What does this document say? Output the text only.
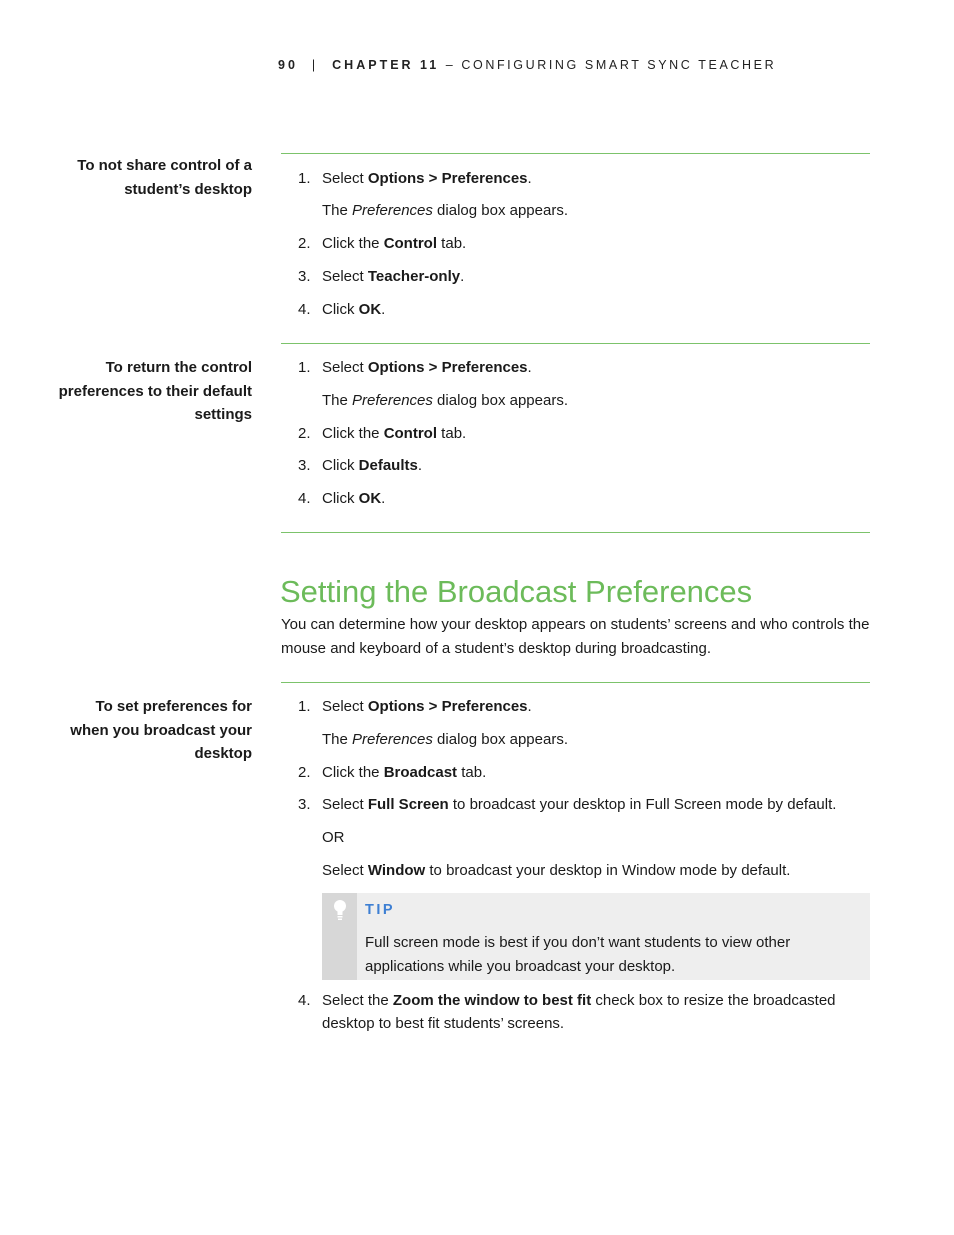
90 | CHAPTER 11 – CONFIGURING SMART SYNC TEACHER
To not share control of a
student’s desktop
1. Select Options > Preferences.
The Preferences dialog box appears.
2. Click the Control tab.
3. Select Teacher-only.
4. Click OK.
To return the control
preferences to their default
settings
1. Select Options > Preferences.
The Preferences dialog box appears.
2. Click the Control tab.
3. Click Defaults.
4. Click OK.
Setting the Broadcast Preferences
You can determine how your desktop appears on students’ screens and who controls the
mouse and keyboard of a student’s desktop during broadcasting.
To set preferences for
when you broadcast your
desktop
1. Select Options > Preferences.
The Preferences dialog box appears.
2. Click the Broadcast tab.
3. Select Full Screen to broadcast your desktop in Full Screen mode by default.
OR
Select Window to broadcast your desktop in Window mode by default.
4. Select the Zoom the window to best fit check box to resize the broadcasted
desktop to best fit students’ screens.
TIP
Full screen mode is best if you don’t want students to view other
applications while you broadcast your desktop.
